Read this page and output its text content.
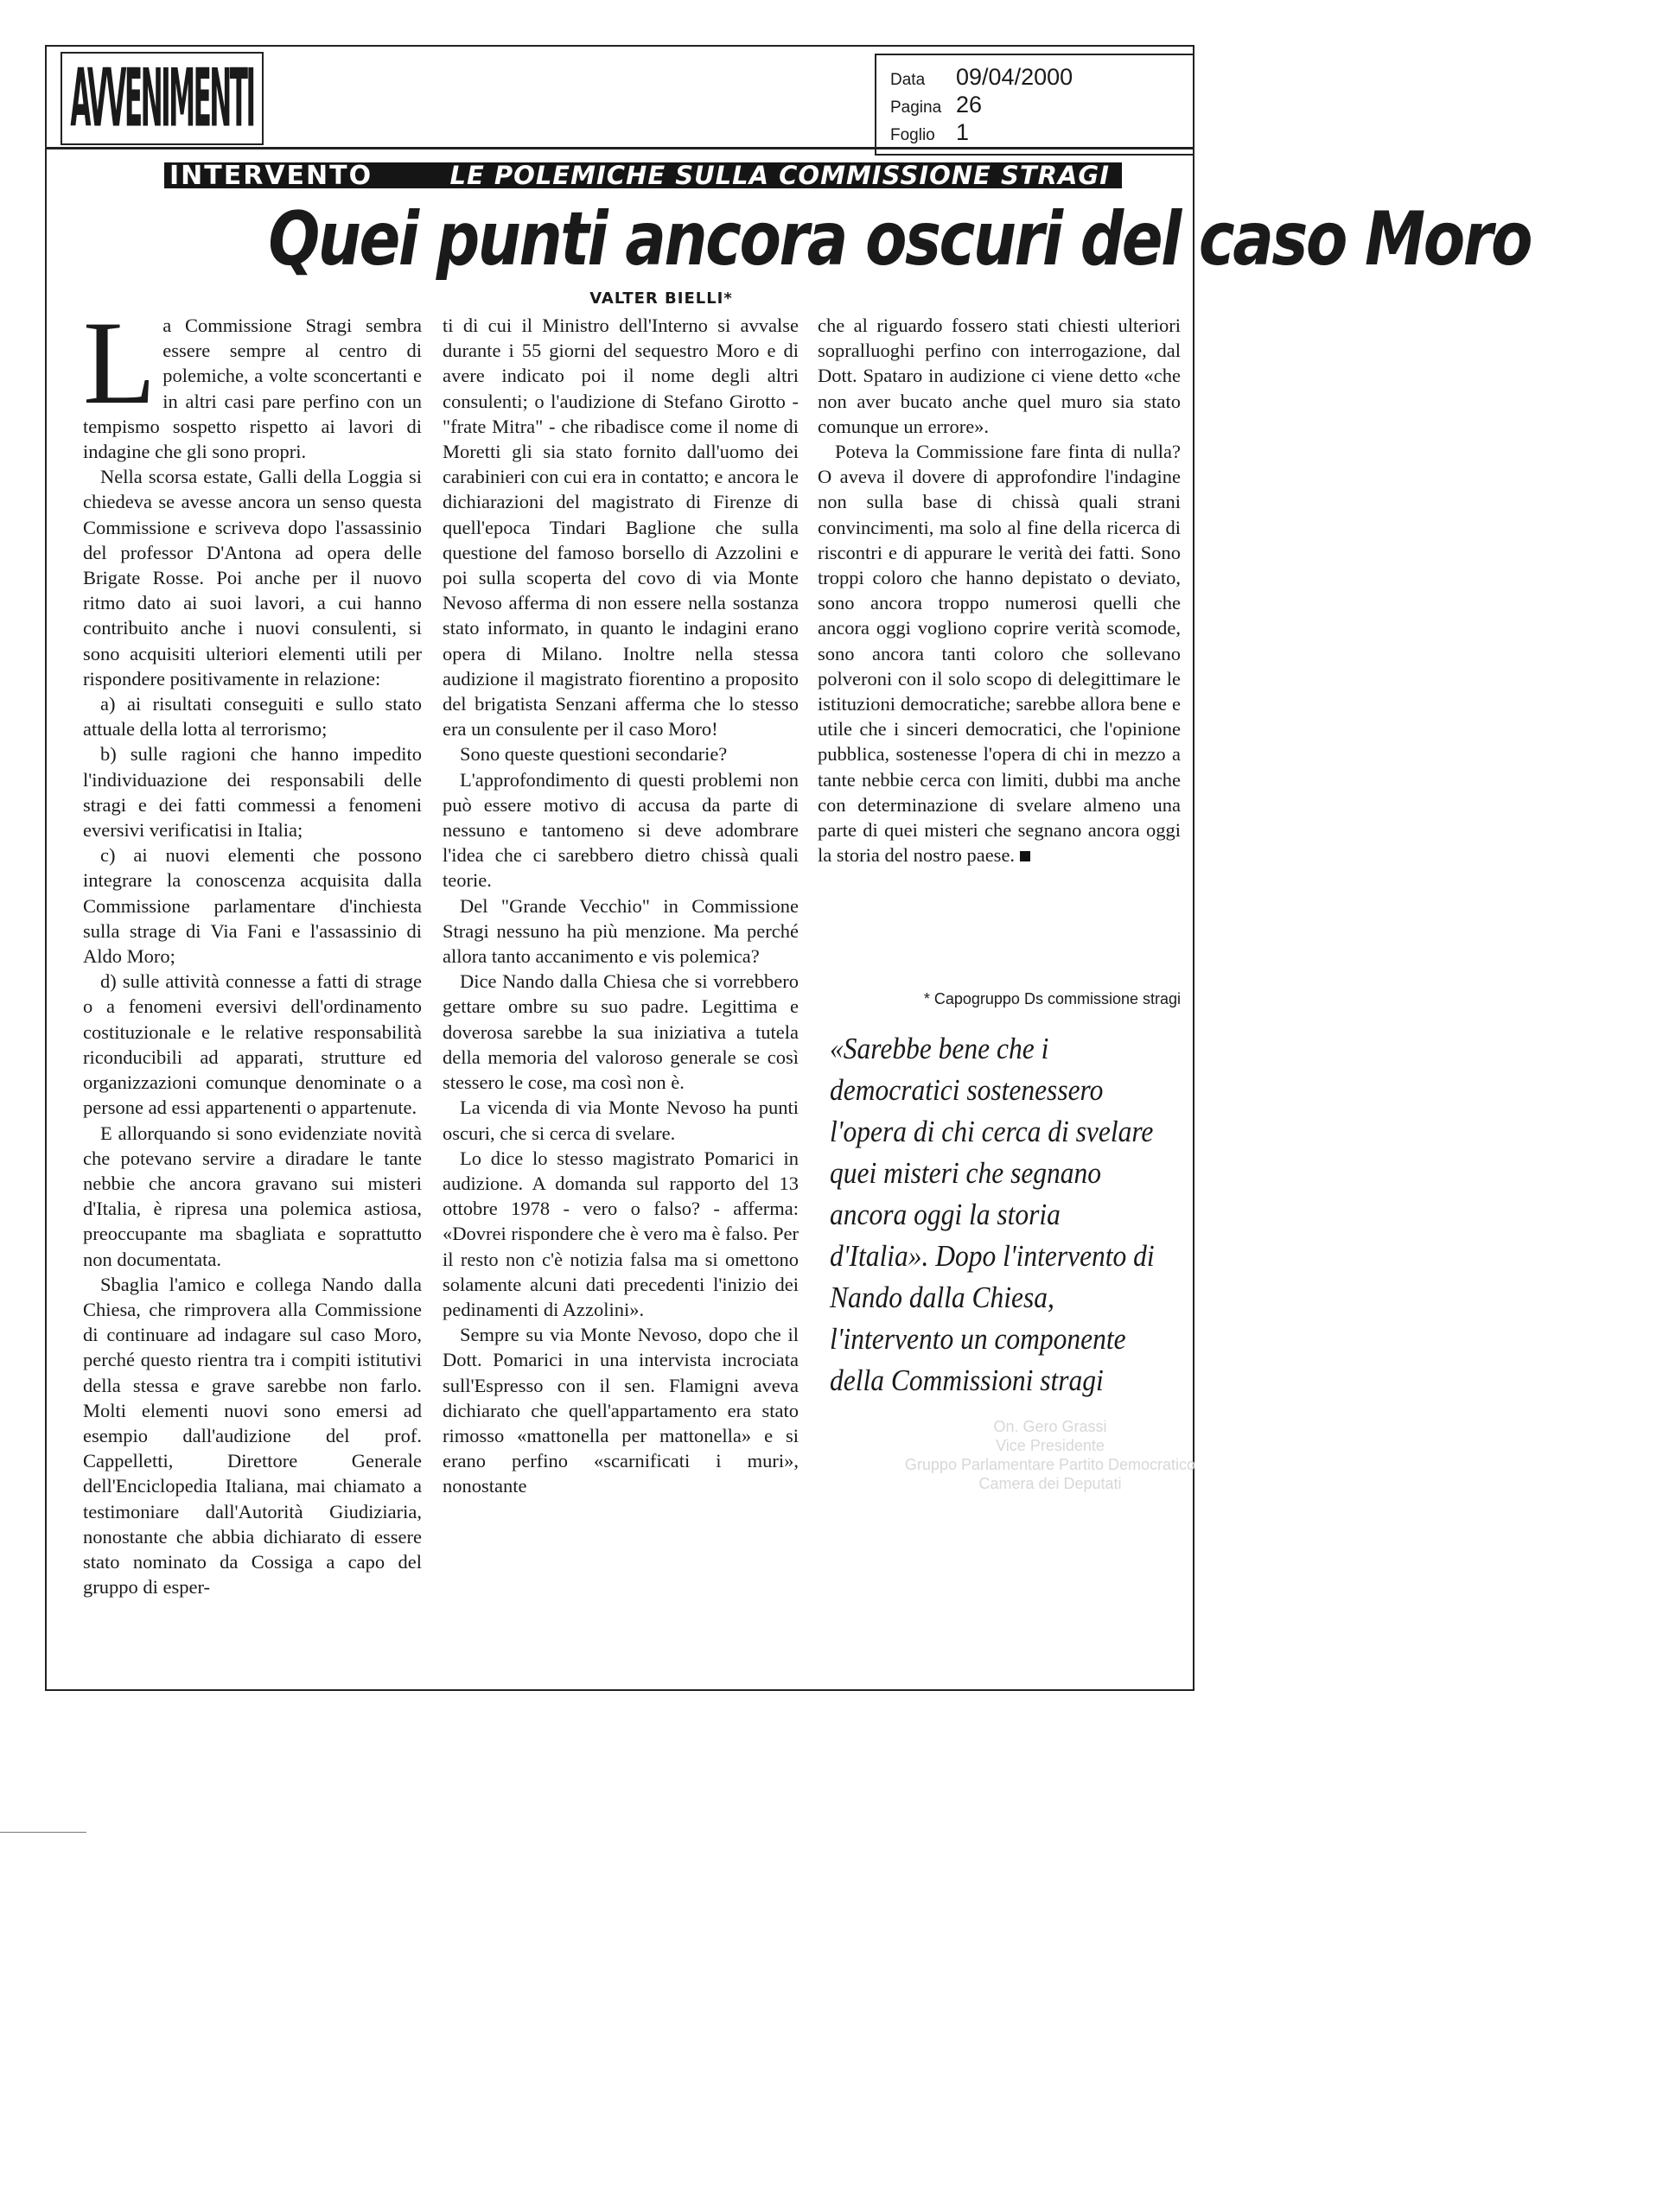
AVVENIMENTI	Data	09/04/2000
Pagina 26
Foglio 1
INTERVENTO	LE POLEMICHE SULLA COMMISSIONE STRAGI
Quei punti ancora oscuri del caso Moro
VALTER BIELLI*
L a Commissione Stragi sembra essere sempre al centro di polemiche, a volte sconcertanti e in altri casi pare perfino con un tempismo sospetto rispetto ai lavori di indagine che gli sono propri.

Nella scorsa estate, Galli della Loggia si chiedeva se avesse ancora un senso questa Commissione e scriveva dopo l'assassinio del professor D'Antona ad opera delle Brigate Rosse. Poi anche per il nuovo ritmo dato ai suoi lavori, a cui hanno contribuito anche i nuovi consulenti, si sono acquisiti ulteriori elementi utili per rispondere positivamente in relazione:

a) ai risultati conseguiti e sullo stato attuale della lotta al terrorismo;

b) sulle ragioni che hanno impedito l'individuazione dei responsabili delle stragi e dei fatti commessi a fenomeni eversivi verificatisi in Italia;

c) ai nuovi elementi che possono integrare la conoscenza acquisita dalla Commissione parlamentare d'inchiesta sulla strage di Via Fani e l'assassinio di Aldo Moro;

d) sulle attività connesse a fatti di strage o a fenomeni eversivi dell'ordinamento costituzionale e le relative responsabilità riconducibili ad apparati, strutture ed organizzazioni comunque denominate o a persone ad essi appartenenti o appartenute.

E allorquando si sono evidenziate novità che potevano servire a diradare le tante nebbie che ancora gravano sui misteri d'Italia, è ripresa una polemica astiosa, preoccupante ma sbagliata e soprattutto non documentata.

Sbaglia l'amico e collega Nando dalla Chiesa, che rimprovera alla Commissione di continuare ad indagare sul caso Moro, perché questo rientra tra i compiti istitutivi della stessa e grave sarebbe non farlo. Molti elementi nuovi sono emersi ad esempio dall'audizione del prof. Cappelletti, Direttore Generale dell'Enciclopedia Italiana, mai chiamato a testimoniare dall'Autorità Giudiziaria, nonostante che abbia dichiarato di essere stato nominato da Cossiga a capo del gruppo di esper-

ti di cui il Ministro dell'Interno si avvalse durante i 55 giorni del sequestro Moro e di avere indicato poi il nome degli altri consulenti; o l'audizione di Stefano Girotto - "frate Mitra" - che ribadisce come il nome di Moretti gli sia stato fornito dall'uomo dei carabinieri con cui era in contatto; e ancora le dichiarazioni del magistrato di Firenze di quell'epoca Tindari Baglione che sulla questione del famoso borsello di Azzolini e poi sulla scoperta del covo di via Monte Nevoso afferma di non essere nella sostanza stato informato, in quanto le indagini erano opera di Milano. Inoltre nella stessa audizione il magistrato fiorentino a proposito del brigatista Senzani afferma che lo stesso era un consulente per il caso Moro!

Sono queste questioni secondarie?

L'approfondimento di questi problemi non può essere motivo di accusa da parte di nessuno e tantomeno si deve adombrare l'idea che ci sarebbero dietro chissà quali teorie.

Del "Grande Vecchio" in Commissione Stragi nessuno ha più menzione. Ma perché allora tanto accanimento e vis polemica?

Dice Nando dalla Chiesa che si vorrebbero gettare ombre su suo padre. Legittima e doverosa sarebbe la sua iniziativa a tutela della memoria del valoroso generale se così stessero le cose, ma così non è.

La vicenda di via Monte Nevoso ha punti oscuri, che si cerca di svelare.

Lo dice lo stesso magistrato Pomarici in audizione. A domanda sul rapporto del 13 ottobre 1978 - vero o falso? - afferma: «Dovrei rispondere che è vero ma è falso. Per il resto non c'è notizia falsa ma si omettono solamente alcuni dati precedenti l'inizio dei pedinamenti di Azzolini».

Sempre su via Monte Nevoso, dopo che il Dott. Pomarici in una intervista incrociata sull'Espresso con il sen. Flamigni aveva dichiarato che quell'appartamento era stato rimosso «mattonella per mattonella» e si erano perfino «scarnificati i muri», nonostante

che al riguardo fossero stati chiesti ulteriori sopralluoghi perfino con interrogazione, dal Dott. Spataro in audizione ci viene detto «che non aver bucato anche quel muro sia stato comunque un errore».

Poteva la Commissione fare finta di nulla? O aveva il dovere di approfondire l'indagine non sulla base di chissà quali strani convincimenti, ma solo al fine della ricerca di riscontri e di appurare le verità dei fatti. Sono troppi coloro che hanno depistato o deviato, sono ancora troppo numerosi quelli che ancora oggi vogliono coprire verità scomode, sono ancora tanti coloro che sollevano polveroni con il solo scopo di delegittimare le istituzioni democratiche; sarebbe allora bene e utile che i sinceri democratici, che l'opinione pubblica, sostenesse l'opera di chi in mezzo a tante nebbie cerca con limiti, dubbi ma anche con determinazione di svelare almeno una parte di quei misteri che segnano ancora oggi la storia del nostro paese.

* Capogruppo Ds commissione stragi
«Sarebbe bene che i democratici sostenessero l'opera di chi cerca di svelare quei misteri che segnano ancora oggi la storia d'Italia». Dopo l'intervento di Nando dalla Chiesa, l'intervento un componente della Commissioni stragi
On. Gero Grassi
Vice Presidente
Gruppo Parlamentare Partito Democratico
Camera dei Deputati
